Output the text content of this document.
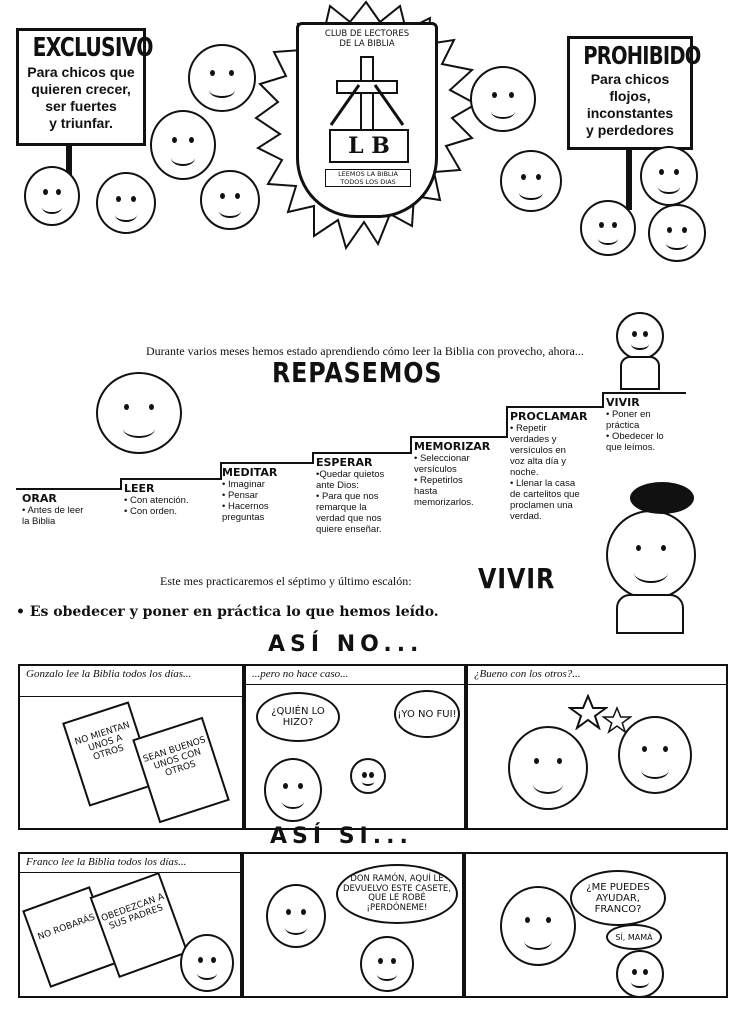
EXCLUSIVO

Para chicos que

quieren crecer,

ser fuertes

y triunfar.

PROHIBIDO

Para chicos

flojos,

inconstantes

y perdedores

CLUB DE LECTORES
DE LA BIBLIA
L B
LEEMOS LA BIBLIA
TODOS LOS DIAS
Durante varios meses hemos estado aprendiendo cómo leer la Biblia con provecho, ahora...
REPASEMOS
ORAR
• Antes de leer
la Biblia
LEER
• Con atención.
• Con orden.
MEDITAR
• Imaginar
• Pensar
• Hacernos
preguntas
ESPERAR
•Quedar quietos
ante Dios:
• Para que nos
remarque la
verdad que nos
quiere enseñar.
MEMORIZAR
• Seleccionar
versículos
• Repetirlos
hasta
memorizarlos.
PROCLAMAR
• Repetir
verdades y
versículos en
voz alta día y
noche.
• Llenar la casa
de cartelitos que
proclamen una
verdad.
VIVIR
• Poner en
práctica
• Obedecer lo
que leímos.
Este mes practicaremos el séptimo y último escalón: VIVIR
• Es obedecer y poner en práctica lo que hemos leído.
ASÍ NO...
Gonzalo lee la Biblia todos los días...
NO MIENTAN UNOS A OTROS	SEAN BUENOS UNOS CON OTROS
...pero no hace caso...
¿QUIÉN LO HIZO?
¡YO NO FUI!
¿Bueno con los otros?...
ASÍ SI...
Franco lee la Biblia todos los días...
NO ROBARÁS
OBEDEZCAN A SUS PADRES
DON RAMÓN, AQUÍ LE DEVUELVO ESTE CASETE, QUE LE ROBÉ ¡PERDÓNEME!
¿ME PUEDES AYUDAR, FRANCO?
SÍ, MAMÁ
